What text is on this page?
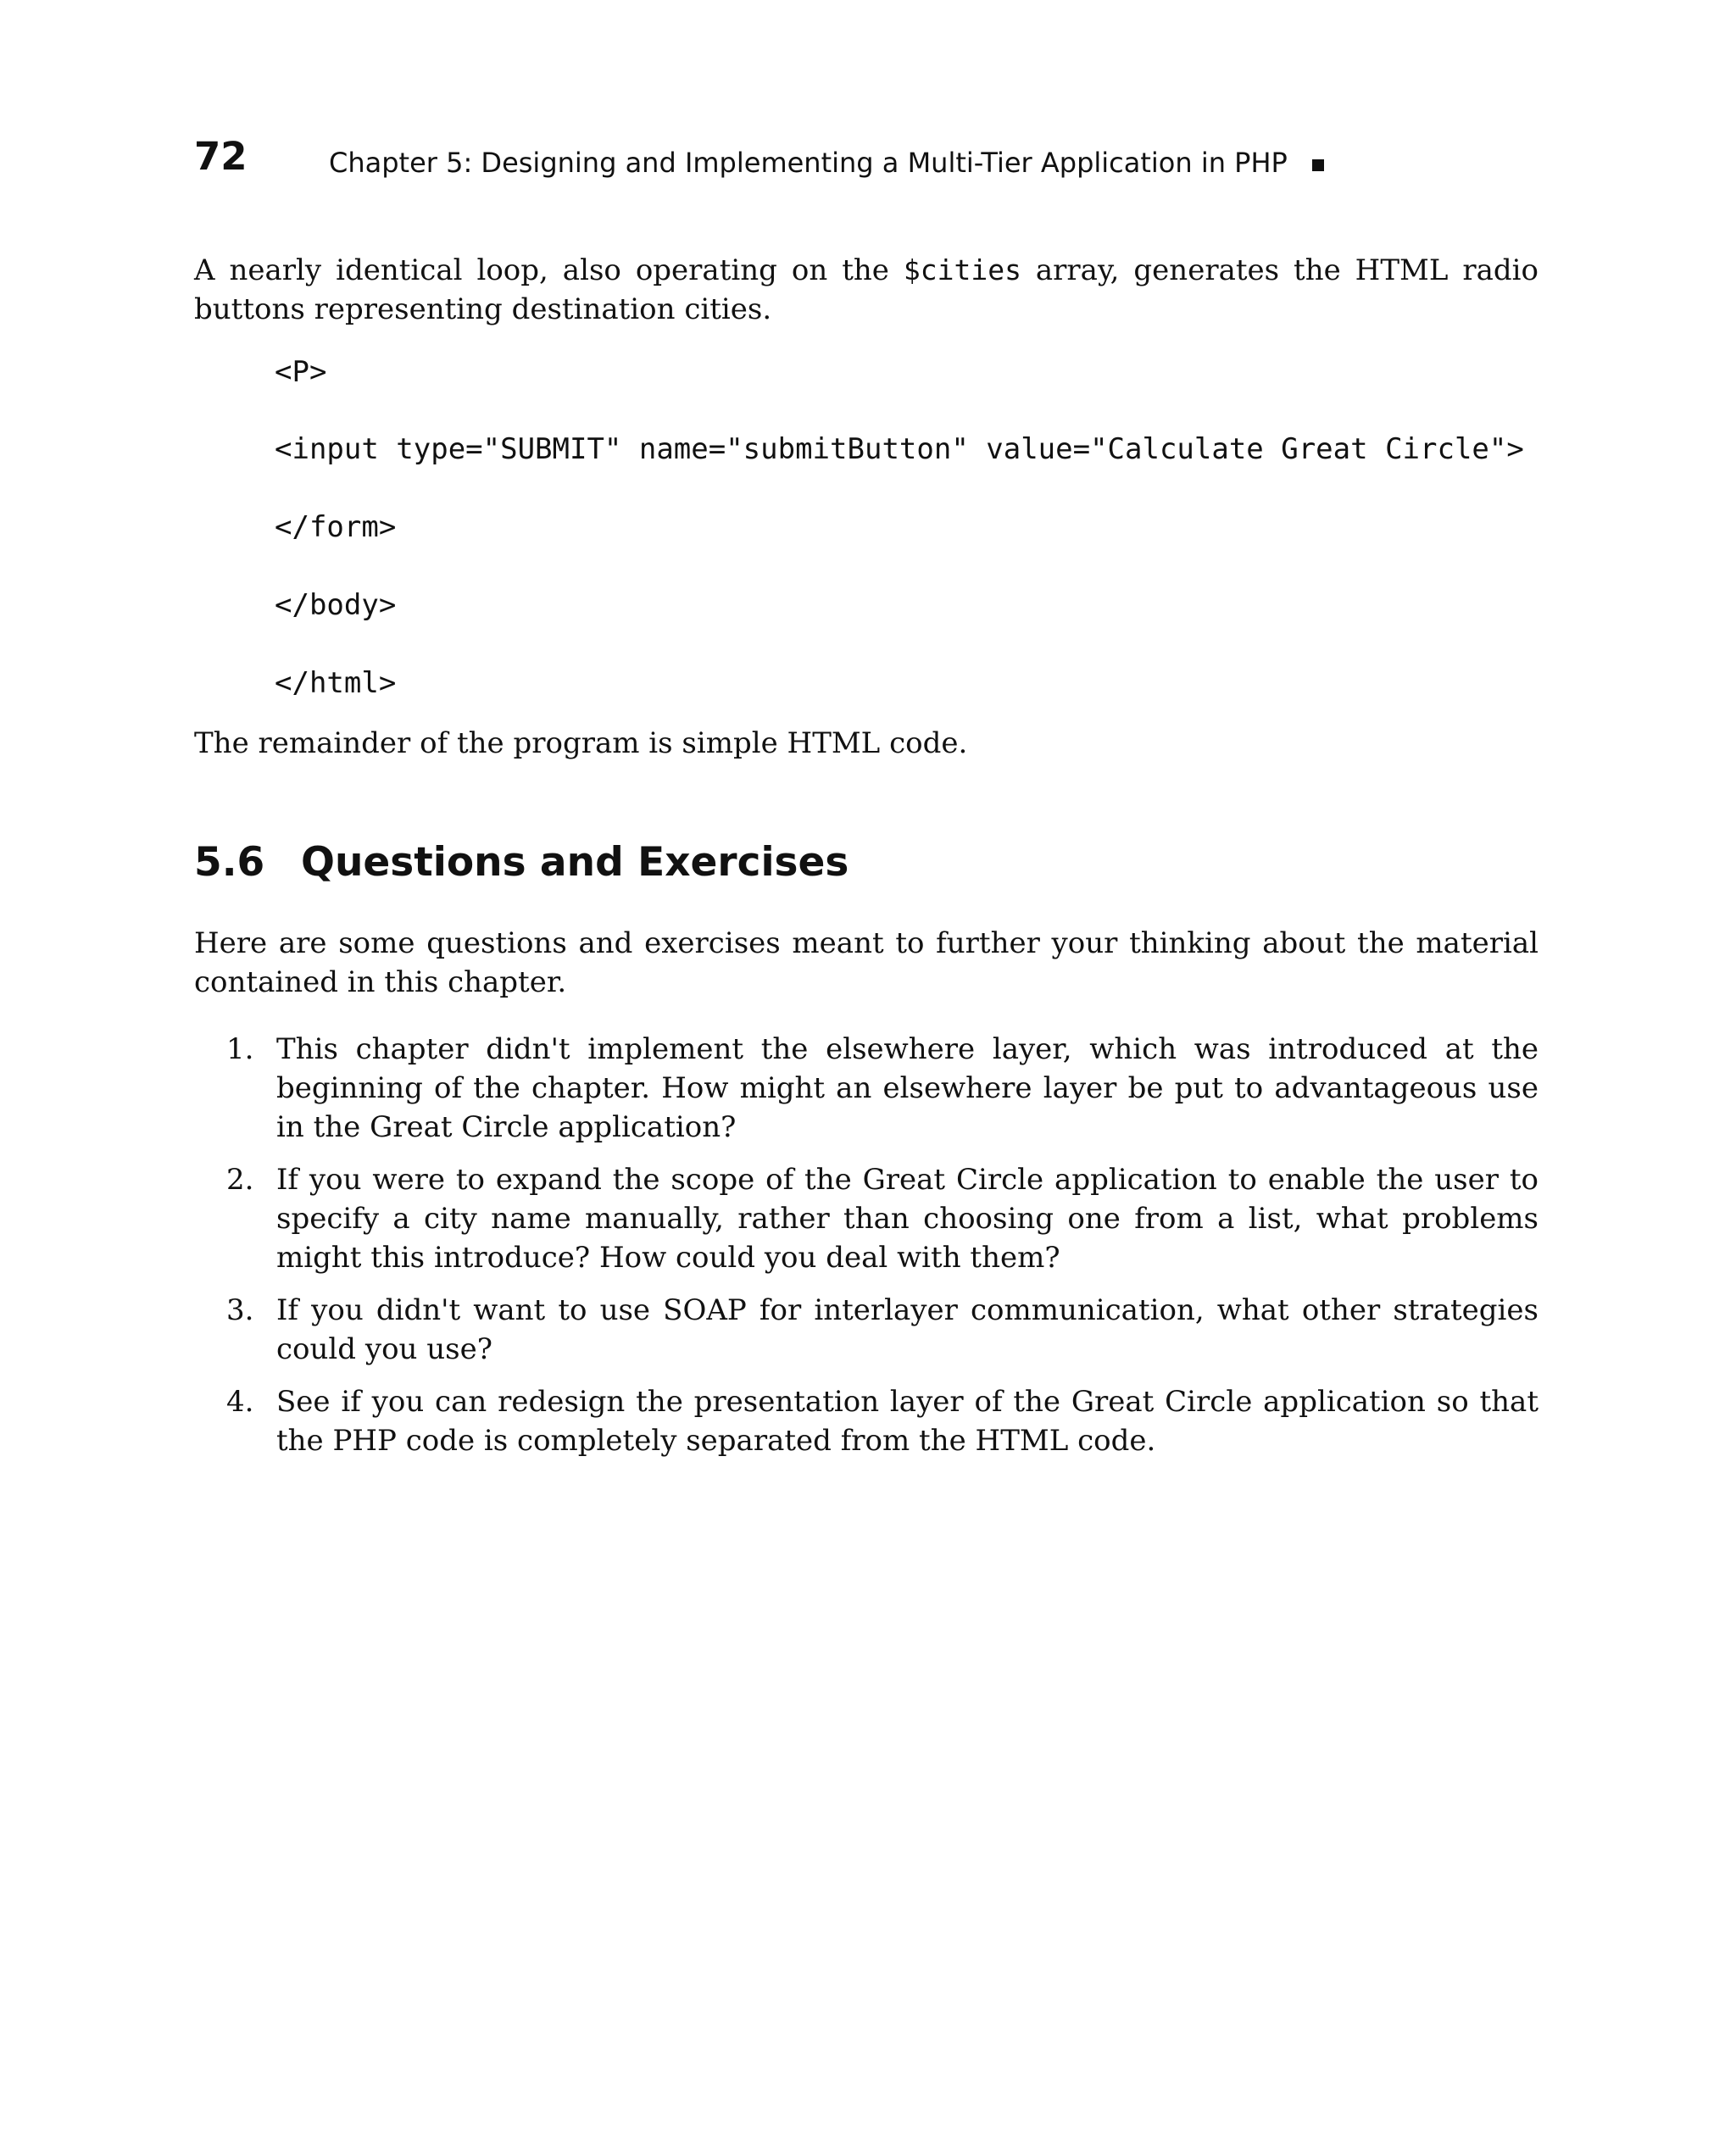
72	Chapter 5: Designing and Implementing a Multi-Tier Application in PHP

A nearly identical loop, also operating on the $cities array, generates the HTML radio buttons representing destination cities.

<P>
<input type="SUBMIT" name="submitButton" value="Calculate Great Circle">
</form>
</body>
</html>

The remainder of the program is simple HTML code.

5.6 Questions and Exercises

Here are some questions and exercises meant to further your thinking about the material contained in this chapter.

1. This chapter didn't implement the elsewhere layer, which was introduced at the beginning of the chapter. How might an elsewhere layer be put to advantageous use in the Great Circle application?
2. If you were to expand the scope of the Great Circle application to enable the user to specify a city name manually, rather than choosing one from a list, what problems might this introduce? How could you deal with them?
3. If you didn't want to use SOAP for interlayer communication, what other strategies could you use?
4. See if you can redesign the presentation layer of the Great Circle application so that the PHP code is completely separated from the HTML code.
